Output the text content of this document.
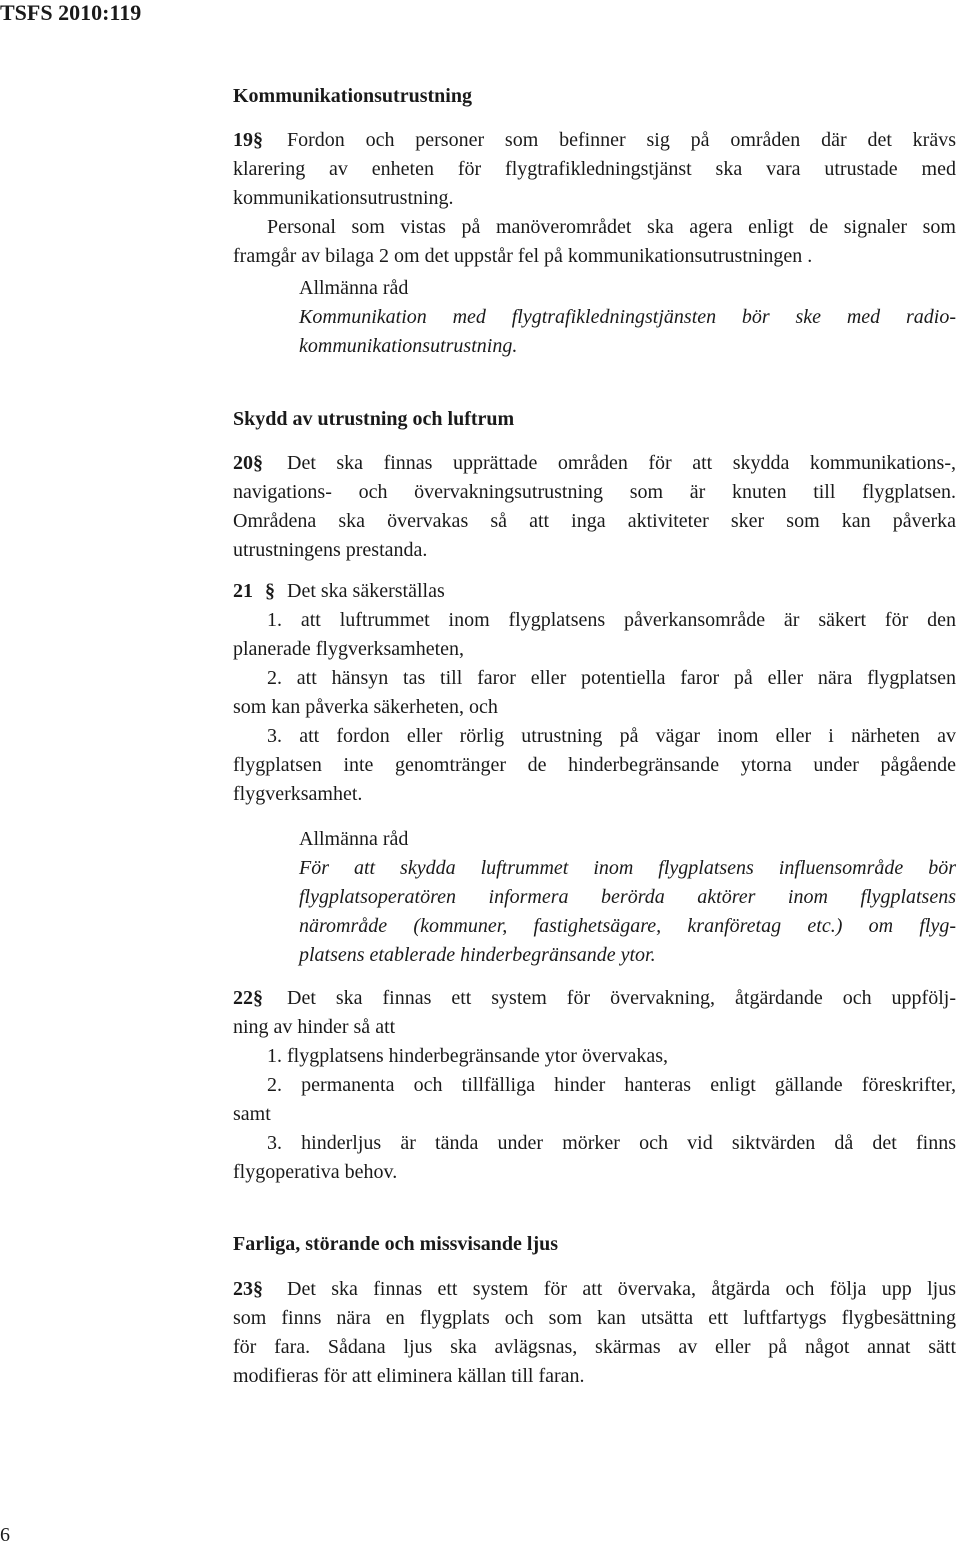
TSFS 2010:119
Kommunikationsutrustning
19§ Fordon och personer som befinner sig på områden där det krävs
klarering av enheten för flygtrafikledningstjänst ska vara utrustade med
kommunikationsutrustning.
Personal som vistas på manöverområdet ska agera enligt de signaler som
framgår av bilaga 2 om det uppstår fel på kommunikationsutrustningen .
Allmänna råd
Kommunikation med flygtrafikledningstjänsten bör ske med radio-
kommunikationsutrustning.
Skydd av utrustning och luftrum
20§ Det ska finnas upprättade områden för att skydda kommunikations-,
navigations- och övervakningsutrustning som är knuten till flygplatsen.
Områdena ska övervakas så att inga aktiviteter sker som kan påverka
utrustningens prestanda.
21 § Det ska säkerställas
1. att luftrummet inom flygplatsens påverkansområde är säkert för den
planerade flygverksamheten,
2. att hänsyn tas till faror eller potentiella faror på eller nära flygplatsen
som kan påverka säkerheten, och
3. att fordon eller rörlig utrustning på vägar inom eller i närheten av
flygplatsen inte genomtränger de hinderbegränsande ytorna under pågående
flygverksamhet.
Allmänna råd
För att skydda luftrummet inom flygplatsens influensområde bör
flygplatsoperatören informera berörda aktörer inom flygplatsens
närområde (kommuner, fastighetsägare, kranföretag etc.) om flyg-
platsens etablerade hinderbegränsande ytor.
22§ Det ska finnas ett system för övervakning, åtgärdande och uppfölj-
ning av hinder så att
1. flygplatsens hinderbegränsande ytor övervakas,
2. permanenta och tillfälliga hinder hanteras enligt gällande föreskrifter,
samt
3. hinderljus är tända under mörker och vid siktvärden då det finns
flygoperativa behov.
Farliga, störande och missvisande ljus
23§ Det ska finnas ett system för att övervaka, åtgärda och följa upp ljus
som finns nära en flygplats och som kan utsätta ett luftfartygs flygbesättning
för fara. Sådana ljus ska avlägsnas, skärmas av eller på något annat sätt
modifieras för att eliminera källan till faran.
6
